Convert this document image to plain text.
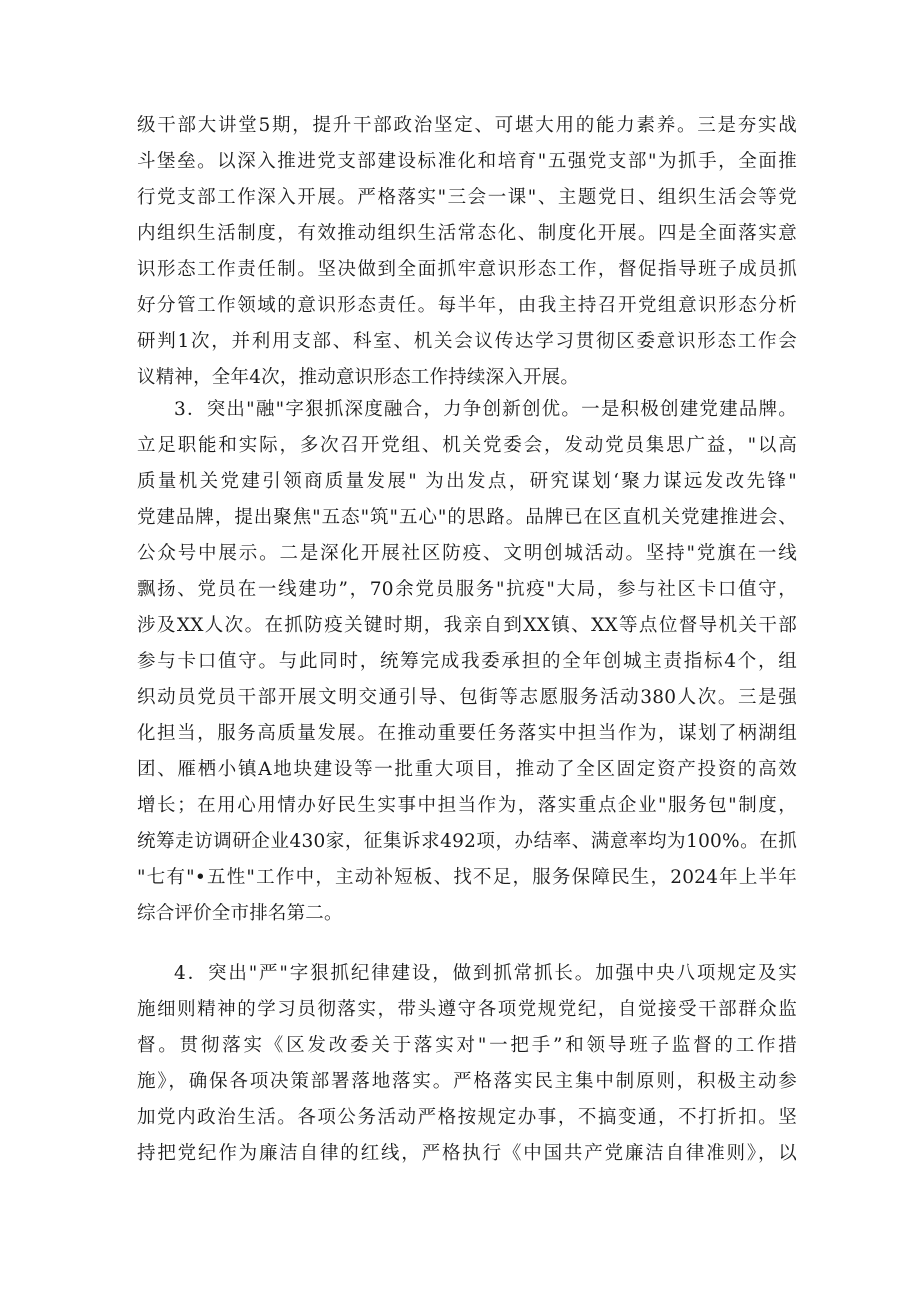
级干部大讲堂5期，提升干部政治坚定、可堪大用的能力素养。三是夯实战
斗堡垒。以深入推进党支部建设标准化和培育"五强党支部"为抓手，全面推
行党支部工作深入开展。严格落实"三会一课"、主题党日、组织生活会等党
内组织生活制度，有效推动组织生活常态化、制度化开展。四是全面落实意
识形态工作责任制。坚决做到全面抓牢意识形态工作，督促指导班子成员抓
好分管工作领域的意识形态责任。每半年，由我主持召开党组意识形态分析
研判1次，并利用支部、科室、机关会议传达学习贯彻区委意识形态工作会
议精神，全年4次，推动意识形态工作持续深入开展。
3．突出"融"字狠抓深度融合，力争创新创优。一是积极创建党建品牌。
立足职能和实际，多次召开党组、机关党委会，发动党员集思广益，"以高
质量机关党建引领商质量发展" 为出发点，研究谋划‘聚力谋远发改先锋"
党建品牌，提出聚焦"五态"筑"五心"的思路。品牌已在区直机关党建推进会、
公众号中展示。二是深化开展社区防疫、文明创城活动。坚持"党旗在一线
飘扬、党员在一线建功”，70余党员服务"抗疫"大局，参与社区卡口值守，
涉及XX人次。在抓防疫关键时期，我亲自到XX镇、XX等点位督导机关干部
参与卡口值守。与此同时，统筹完成我委承担的全年创城主责指标4个，组
织动员党员干部开展文明交通引导、包街等志愿服务活动380人次。三是强
化担当，服务高质量发展。在推动重要任务落实中担当作为，谋划了柄湖组
团、雁栖小镇A地块建设等一批重大项目，推动了全区固定资产投资的高效
增长；在用心用情办好民生实事中担当作为，落实重点企业"服务包"制度，
统筹走访调研企业430家，征集诉求492项，办结率、满意率均为100%。在抓
"七有"•五性"工作中，主动补短板、找不足，服务保障民生，2024年上半年
综合评价全市排名第二。
4．突出"严"字狠抓纪律建设，做到抓常抓长。加强中央八项规定及实
施细则精神的学习员彻落实，带头遵守各项党规党纪，自觉接受干部群众监
督。贯彻落实《区发改委关于落实对"一把手”和领导班子监督的工作措
施》，确保各项决策部署落地落实。严格落实民主集中制原则，积极主动参
加党内政治生活。各项公务活动严格按规定办事，不搞变通，不打折扣。坚
持把党纪作为廉洁自律的红线，严格执行《中国共产党廉洁自律准则》，以
